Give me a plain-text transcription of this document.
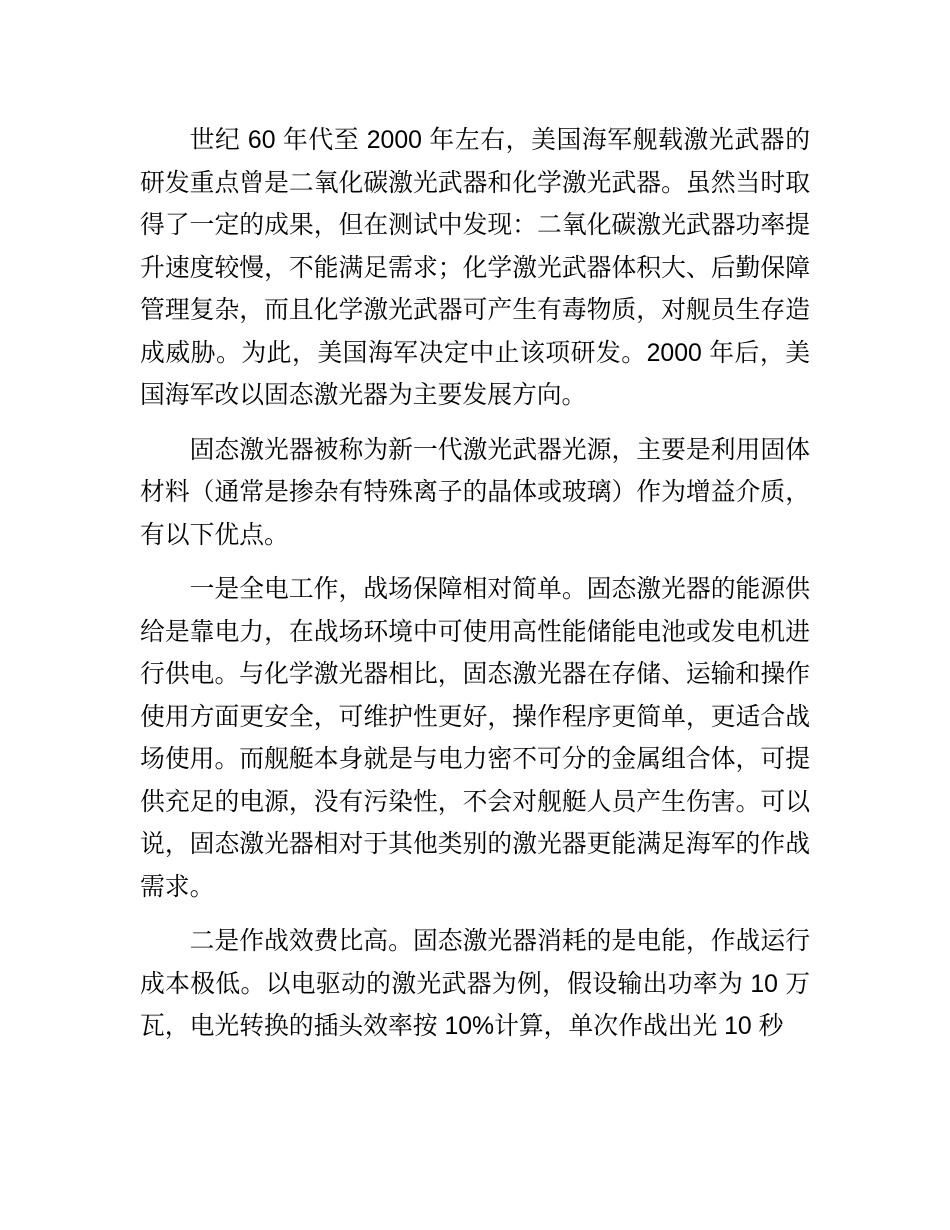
世纪 60 年代至 2000 年左右，美国海军舰载激光武器的研发重点曾是二氧化碳激光武器和化学激光武器。虽然当时取得了一定的成果，但在测试中发现：二氧化碳激光武器功率提升速度较慢，不能满足需求；化学激光武器体积大、后勤保障管理复杂，而且化学激光武器可产生有毒物质，对舰员生存造成威胁。为此，美国海军决定中止该项研发。2000 年后，美国海军改以固态激光器为主要发展方向。

固态激光器被称为新一代激光武器光源，主要是利用固体材料（通常是掺杂有特殊离子的晶体或玻璃）作为增益介质，有以下优点。

一是全电工作，战场保障相对简单。固态激光器的能源供给是靠电力，在战场环境中可使用高性能储能电池或发电机进行供电。与化学激光器相比，固态激光器在存储、运输和操作使用方面更安全，可维护性更好，操作程序更简单，更适合战场使用。而舰艇本身就是与电力密不可分的金属组合体，可提供充足的电源，没有污染性，不会对舰艇人员产生伤害。可以说，固态激光器相对于其他类别的激光器更能满足海军的作战需求。

二是作战效费比高。固态激光器消耗的是电能，作战运行成本极低。以电驱动的激光武器为例，假设输出功率为 10 万瓦，电光转换的插头效率按 10%计算，单次作战出光 10 秒
